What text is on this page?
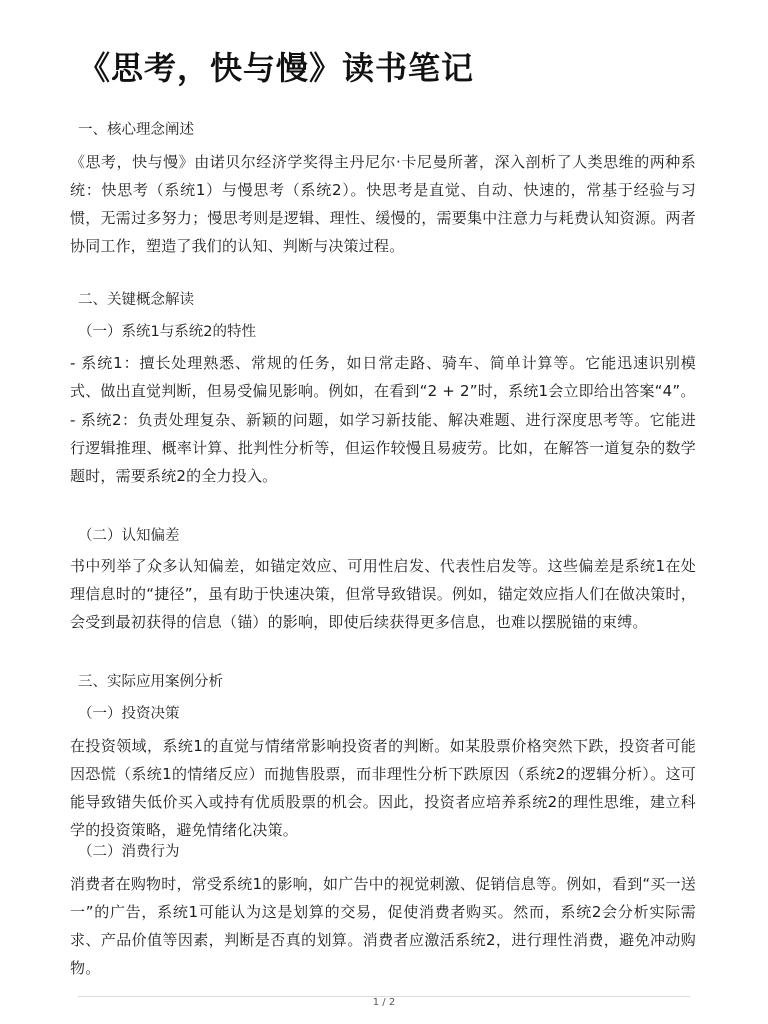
《思考，快与慢》读书笔记
一、核心理念阐述
《思考，快与慢》由诺贝尔经济学奖得主丹尼尔·卡尼曼所著，深入剖析了人类思维的两种系统：快思考（系统1）与慢思考（系统2）。快思考是直觉、自动、快速的，常基于经验与习惯，无需过多努力；慢思考则是逻辑、理性、缓慢的，需要集中注意力与耗费认知资源。两者协同工作，塑造了我们的认知、判断与决策过程。
二、关键概念解读
（一）系统1与系统2的特性
- 系统1：擅长处理熟悉、常规的任务，如日常走路、骑车、简单计算等。它能迅速识别模式、做出直觉判断，但易受偏见影响。例如，在看到“2 + 2”时，系统1会立即给出答案“4”。
- 系统2：负责处理复杂、新颖的问题，如学习新技能、解决难题、进行深度思考等。它能进行逻辑推理、概率计算、批判性分析等，但运作较慢且易疲劳。比如，在解答一道复杂的数学题时，需要系统2的全力投入。
（二）认知偏差
书中列举了众多认知偏差，如锚定效应、可用性启发、代表性启发等。这些偏差是系统1在处理信息时的“捷径”，虽有助于快速决策，但常导致错误。例如，锚定效应指人们在做决策时，会受到最初获得的信息（锚）的影响，即使后续获得更多信息，也难以摆脱锚的束缚。
三、实际应用案例分析
（一）投资决策
在投资领域，系统1的直觉与情绪常影响投资者的判断。如某股票价格突然下跌，投资者可能因恐慌（系统1的情绪反应）而抛售股票，而非理性分析下跌原因（系统2的逻辑分析）。这可能导致错失低价买入或持有优质股票的机会。因此，投资者应培养系统2的理性思维，建立科学的投资策略，避免情绪化决策。
（二）消费行为
消费者在购物时，常受系统1的影响，如广告中的视觉刺激、促销信息等。例如，看到“买一送一”的广告，系统1可能认为这是划算的交易，促使消费者购买。然而，系统2会分析实际需求、产品价值等因素，判断是否真的划算。消费者应激活系统2，进行理性消费，避免冲动购物。
1 / 2
